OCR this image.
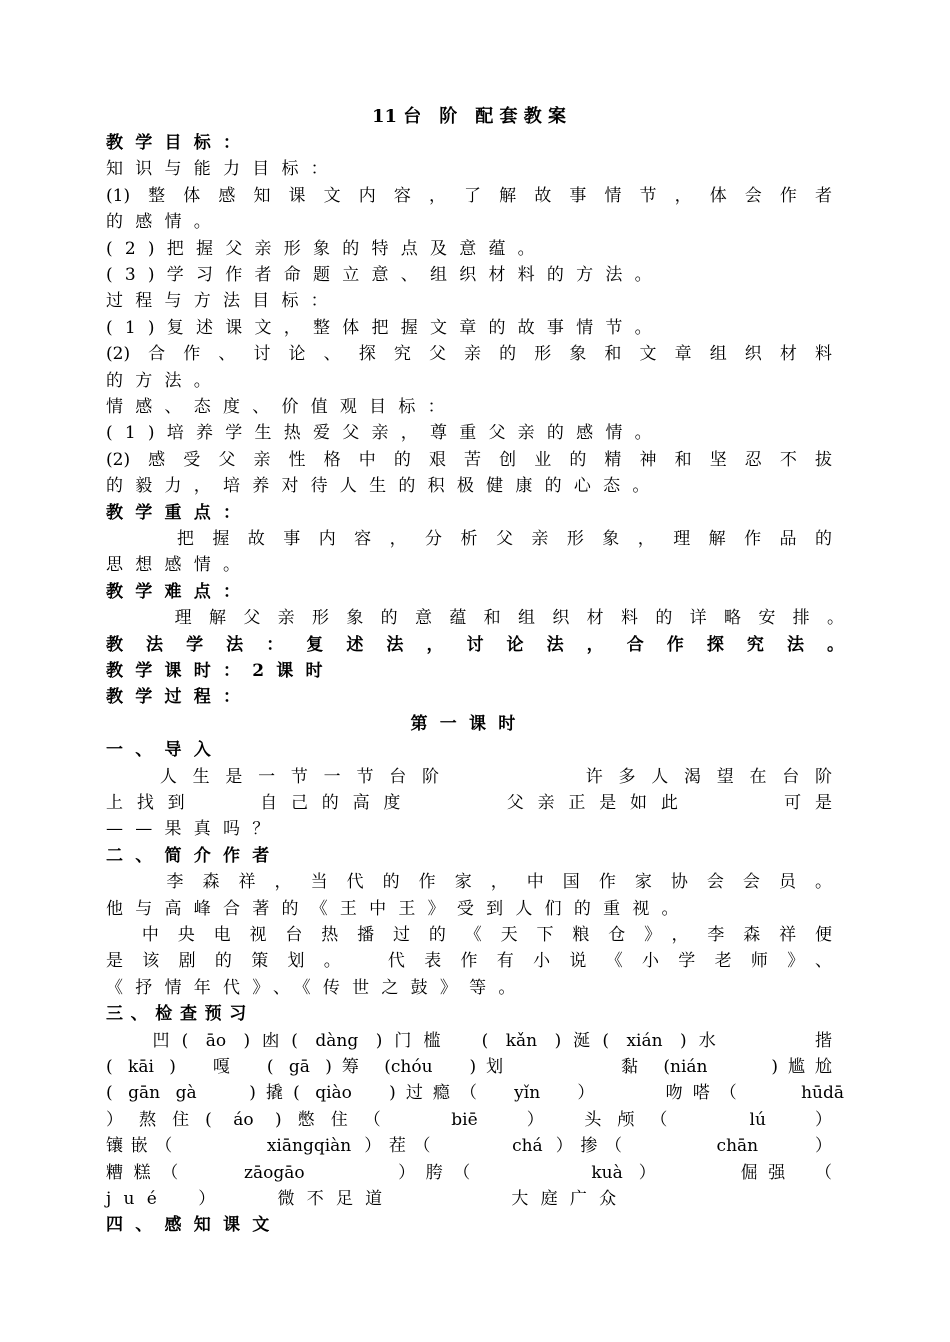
11 台　阶　配 套 教 案
教学目标：
知识与能力目标：
(1)整体感知课文内容，了解故事情节，体会作者
的感情。
(2)把握父亲形象的特点及意蕴。
(3)学习作者命题立意、组织材料的方法。
过程与方法目标：
(1)复述课文，整体把握文章的故事情节。
(2)合作、讨论、探究父亲的形象和文章组织材料
的方法。
情感、态度、价值观目标：
(1)培养学生热爱父亲，尊重父亲的感情。
(2)感受父亲性格中的艰苦创业的精神和坚忍不拔
的毅力，培养对待人生的积极健康的心态。
教学重点：
　　把握故事内容，分析父亲形象，理解作品的
思想感情。
教学难点：
　　理解父亲形象的意蕴和组织材料的详略安排。
教法学法：复述法，讨论法，合作探究法。
教学课时：2课时
教学过程：
第一课时
一、导入
　 人生是一节一节台阶　　　　许多人渴望在台阶
上找到　　自己的高度　　　父亲正是如此　　　可是
——果真吗？
二、简介作者
　 李森祥，当代的作家，中国作家协会会员。
他与高峰合著的《王中王》受到人们的重视。
　中央电视台热播过的《天下粮仓》，李森祥便
是该剧的策划。　代表作有小说《小学老师》、
《抒情年代》、《传世之鼓》等。
三、检查预习
　 凹( āo )凼( dàng )门槛　( kǎn )涎( xián )水　　　揩
( kāi )　嘎　( gā )筹 (chóu　)划　　　　黏 (nián　　)尴尬
( gān gà　 )撬( qiào　)过瘾（　yǐn　）　　 吻嗒（　　hūdā
）熬住( áo )憋住（　 biē　）　头颅（　　lú　）
镶嵌（　　　 xiāngqiàn ）茬（　　　chá ）掺（　　　 chān　　）
糟糕（　　zāogāo　　　）胯（　　　　kuà ）　　　倔强　（
jué　）　　微不足道　　　　大庭广众
四、感知课文
